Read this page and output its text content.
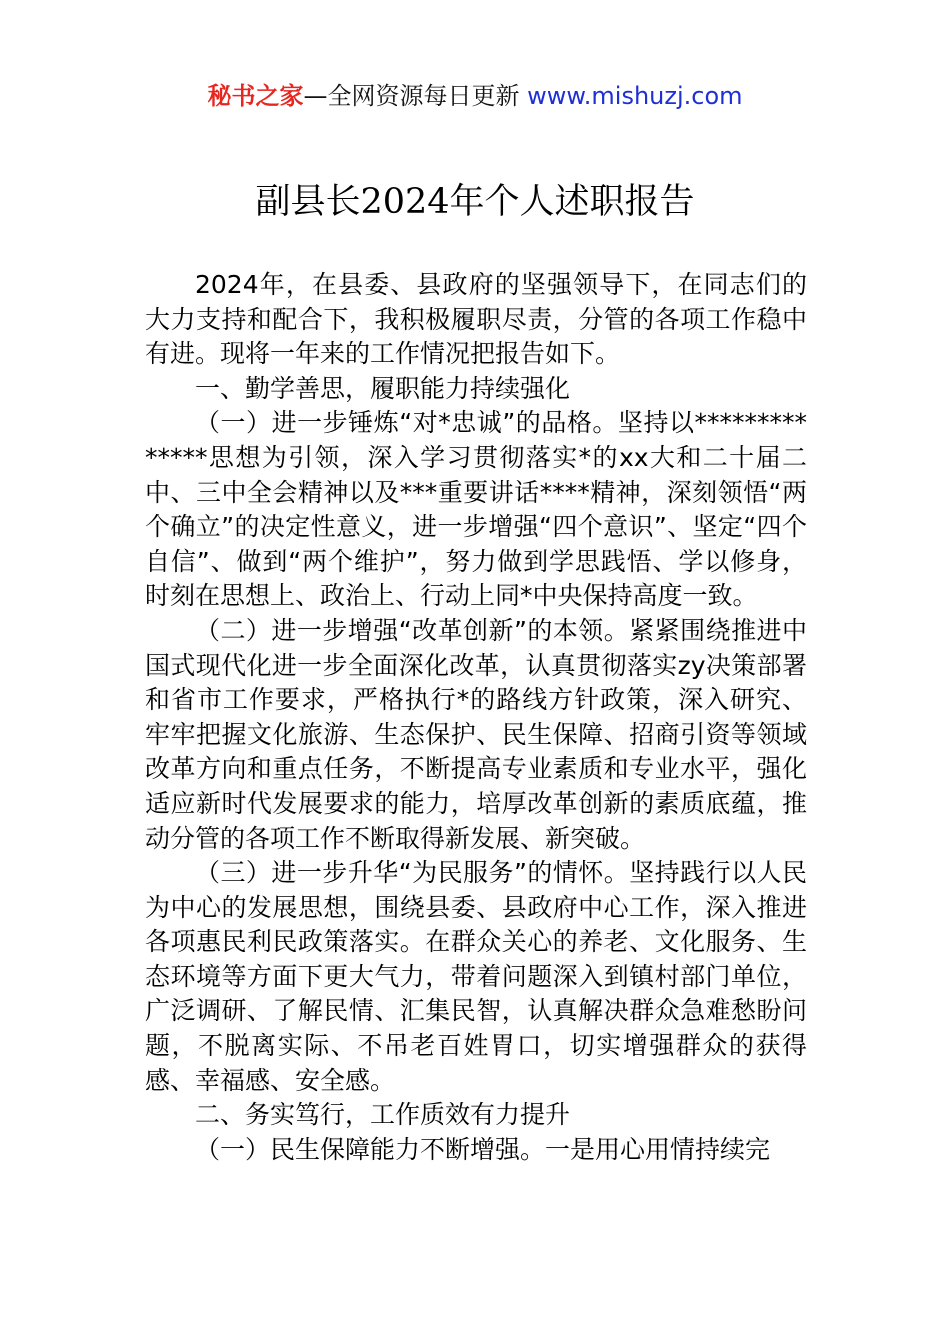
秘书之家—全网资源每日更新 www.mishuzj.com
副县长2024年个人述职报告

2024年，在县委、县政府的坚强领导下，在同志们的大力支持和配合下，我积极履职尽责，分管的各项工作稳中有进。现将一年来的工作情况把报告如下。

一、勤学善思，履职能力持续强化

（一）进一步锤炼“对*忠诚”的品格。坚持以**************思想为引领，深入学习贯彻落实*的xx大和二十届二中、三中全会精神以及***重要讲话****精神，深刻领悟“两个确立”的决定性意义，进一步增强“四个意识”、坚定“四个自信”、做到“两个维护”，努力做到学思践悟、学以修身，时刻在思想上、政治上、行动上同*中央保持高度一致。

（二）进一步增强“改革创新”的本领。紧紧围绕推进中国式现代化进一步全面深化改革，认真贯彻落实zy决策部署和省市工作要求，严格执行*的路线方针政策，深入研究、牢牢把握文化旅游、生态保护、民生保障、招商引资等领域改革方向和重点任务，不断提高专业素质和专业水平，强化适应新时代发展要求的能力，培厚改革创新的素质底蕴，推动分管的各项工作不断取得新发展、新突破。

（三）进一步升华“为民服务”的情怀。坚持践行以人民为中心的发展思想，围绕县委、县政府中心工作，深入推进各项惠民利民政策落实。在群众关心的养老、文化服务、生态环境等方面下更大气力，带着问题深入到镇村部门单位，广泛调研、了解民情、汇集民智，认真解决群众急难愁盼问题，不脱离实际、不吊老百姓胃口，切实增强群众的获得感、幸福感、安全感。

二、务实笃行，工作质效有力提升

（一）民生保障能力不断增强。一是用心用情持续完
